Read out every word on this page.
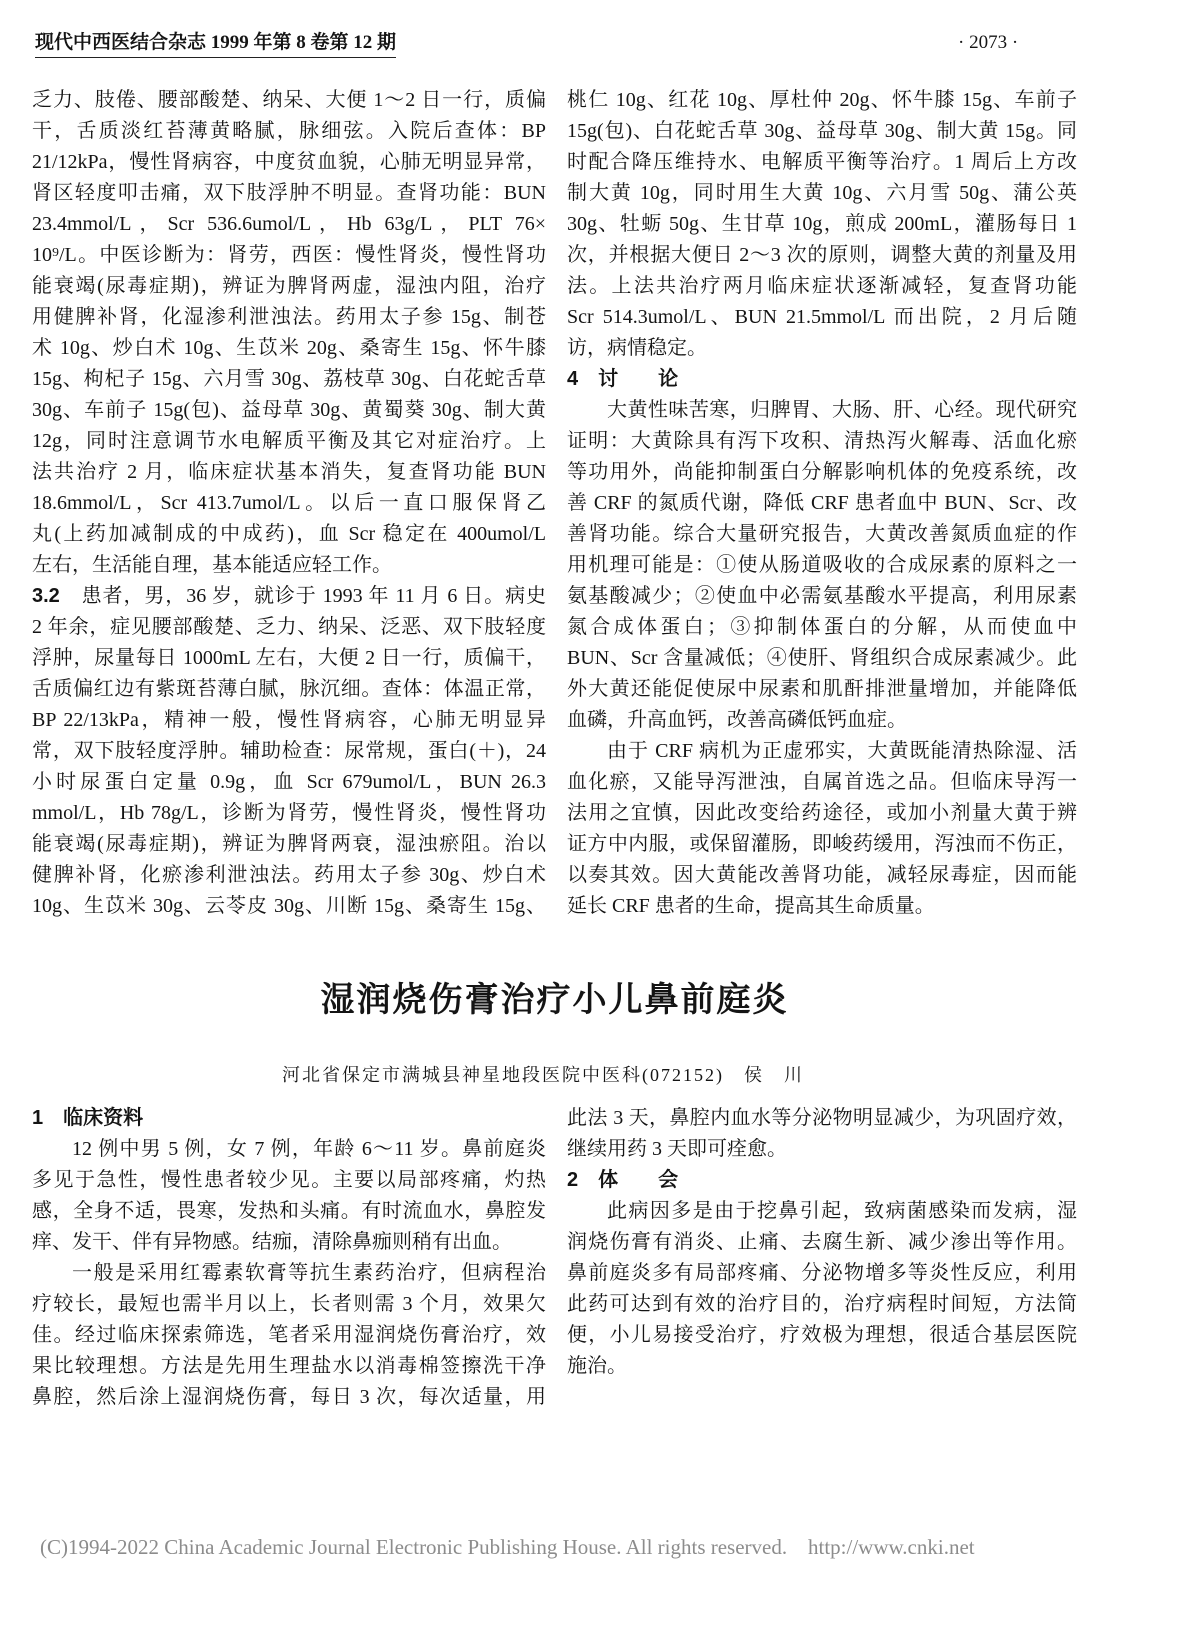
现代中西医结合杂志 1999 年第 8 卷第 12 期	· 2073 ·
乏力、肢倦、腰部酸楚、纳呆、大便 1～2 日一行，质偏
干，舌质淡红苔薄黄略腻，脉细弦。入院后查体：BP
21/12kPa，慢性肾病容，中度贫血貌，心肺无明显异常，
肾区轻度叩击痛，双下肢浮肿不明显。查肾功能：BUN
23.4mmol/L，Scr 536.6umol/L，Hb 63g/L，PLT 76×
10⁹/L。中医诊断为：肾劳，西医：慢性肾炎，慢性肾功
能衰竭(尿毒症期)，辨证为脾肾两虚，湿浊内阻，治疗
用健脾补肾，化湿渗利泄浊法。药用太子参 15g、制苍
术 10g、炒白术 10g、生苡米 20g、桑寄生 15g、怀牛膝
15g、枸杞子 15g、六月雪 30g、荔枝草 30g、白花蛇舌草
30g、车前子 15g(包)、益母草 30g、黄蜀葵 30g、制大黄
12g，同时注意调节水电解质平衡及其它对症治疗。上
法共治疗 2 月，临床症状基本消失，复查肾功能 BUN
18.6mmol/L，Scr 413.7umol/L。以后一直口服保肾乙
丸(上药加减制成的中成药)，血 Scr 稳定在 400umol/L
左右，生活能自理，基本能适应轻工作。
3.2　患者，男，36 岁，就诊于 1993 年 11 月 6 日。病史
2 年余，症见腰部酸楚、乏力、纳呆、泛恶、双下肢轻度
浮肿，尿量每日 1000mL 左右，大便 2 日一行，质偏干，
舌质偏红边有紫斑苔薄白腻，脉沉细。查体：体温正常，
BP 22/13kPa，精神一般，慢性肾病容，心肺无明显异
常，双下肢轻度浮肿。辅助检查：尿常规，蛋白(＋)，24
小时尿蛋白定量 0.9g，血 Scr 679umol/L，BUN 26.3
mmol/L，Hb 78g/L，诊断为肾劳，慢性肾炎，慢性肾功
能衰竭(尿毒症期)，辨证为脾肾两衰，湿浊瘀阻。治以
健脾补肾，化瘀渗利泄浊法。药用太子参 30g、炒白术
10g、生苡米 30g、云苓皮 30g、川断 15g、桑寄生 15g、
桃仁 10g、红花 10g、厚杜仲 20g、怀牛膝 15g、车前子
15g(包)、白花蛇舌草 30g、益母草 30g、制大黄 15g。同
时配合降压维持水、电解质平衡等治疗。1 周后上方改
制大黄 10g，同时用生大黄 10g、六月雪 50g、蒲公英
30g、牡蛎 50g、生甘草 10g，煎成 200mL，灌肠每日 1
次，并根据大便日 2～3 次的原则，调整大黄的剂量及用
法。上法共治疗两月临床症状逐渐减轻，复查肾功能
Scr 514.3umol/L、BUN 21.5mmol/L 而出院，2 月后随
访，病情稳定。
4　讨　　论
大黄性味苦寒，归脾胃、大肠、肝、心经。现代研究
证明：大黄除具有泻下攻积、清热泻火解毒、活血化瘀
等功用外，尚能抑制蛋白分解影响机体的免疫系统，改
善 CRF 的氮质代谢，降低 CRF 患者血中 BUN、Scr、改
善肾功能。综合大量研究报告，大黄改善氮质血症的作
用机理可能是：①使从肠道吸收的合成尿素的原料之一
氨基酸减少；②使血中必需氨基酸水平提高，利用尿素
氮合成体蛋白；③抑制体蛋白的分解，从而使血中
BUN、Scr 含量减低；④使肝、肾组织合成尿素减少。此
外大黄还能促使尿中尿素和肌酐排泄量增加，并能降低
血磷，升高血钙，改善高磷低钙血症。
由于 CRF 病机为正虚邪实，大黄既能清热除湿、活
血化瘀，又能导泻泄浊，自属首选之品。但临床导泻一
法用之宜慎，因此改变给药途径，或加小剂量大黄于辨
证方中内服，或保留灌肠，即峻药缓用，泻浊而不伤正，
以奏其效。因大黄能改善肾功能，减轻尿毒症，因而能
延长 CRF 患者的生命，提高其生命质量。
湿润烧伤膏治疗小儿鼻前庭炎
河北省保定市满城县神星地段医院中医科(072152)　侯　川
1　临床资料
12 例中男 5 例，女 7 例，年龄 6～11 岁。鼻前庭炎
多见于急性，慢性患者较少见。主要以局部疼痛，灼热
感，全身不适，畏寒，发热和头痛。有时流血水，鼻腔发
痒、发干、伴有异物感。结痂，清除鼻痂则稍有出血。
一般是采用红霉素软膏等抗生素药治疗，但病程治
疗较长，最短也需半月以上，长者则需 3 个月，效果欠
佳。经过临床探索筛选，笔者采用湿润烧伤膏治疗，效
果比较理想。方法是先用生理盐水以消毒棉签擦洗干净
鼻腔，然后涂上湿润烧伤膏，每日 3 次，每次适量，用
此法 3 天，鼻腔内血水等分泌物明显减少，为巩固疗效，
继续用药 3 天即可痊愈。
2　体　　会
此病因多是由于挖鼻引起，致病菌感染而发病，湿
润烧伤膏有消炎、止痛、去腐生新、减少渗出等作用。
鼻前庭炎多有局部疼痛、分泌物增多等炎性反应，利用
此药可达到有效的治疗目的，治疗病程时间短，方法简
便，小儿易接受治疗，疗效极为理想，很适合基层医院
施治。
(C)1994-2022 China Academic Journal Electronic Publishing House. All rights reserved. http://www.cnki.net
